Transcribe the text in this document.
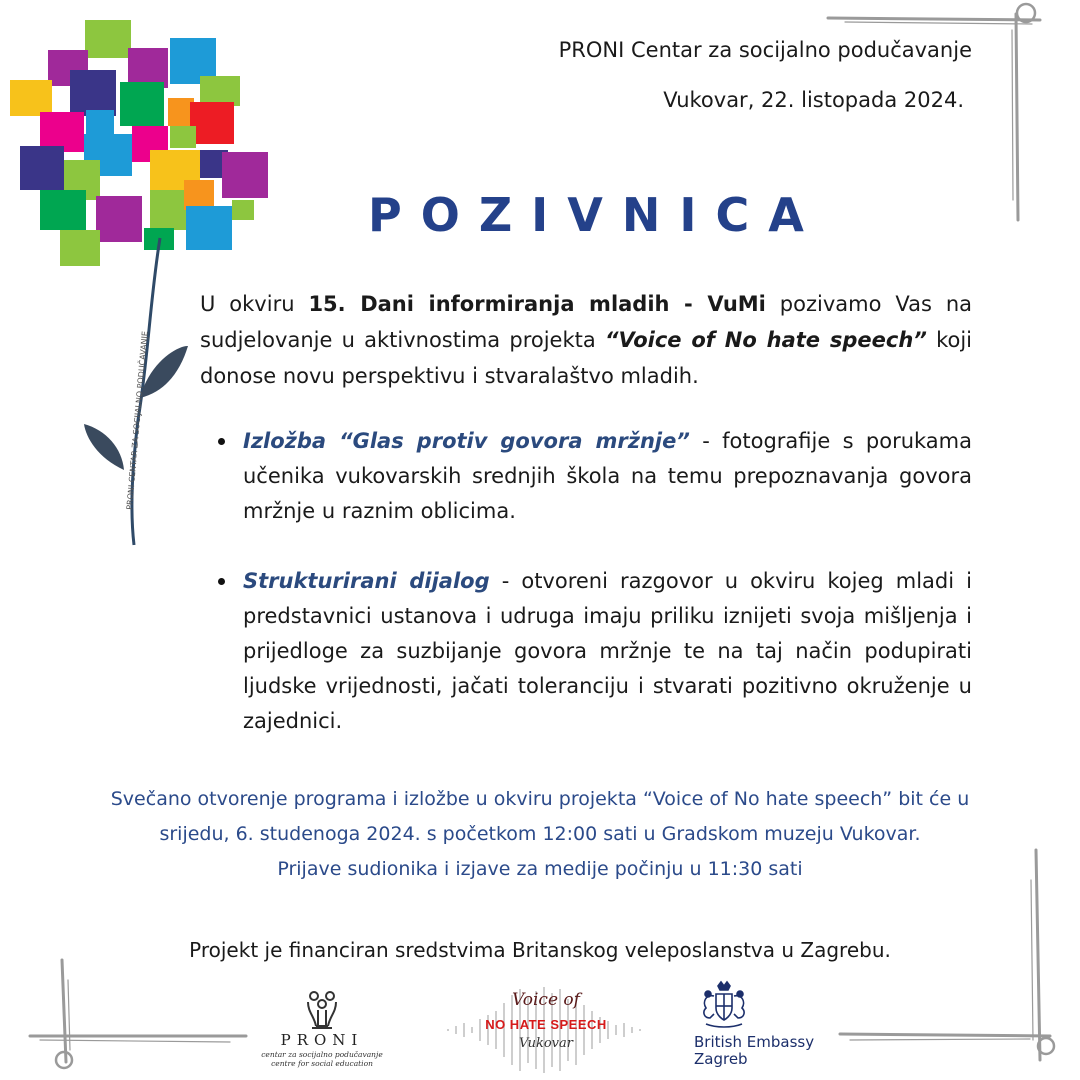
PRONI CENTAR ZA SOCIJALNO PODUČAVANJE
PRONI Centar za socijalno podučavanje
Vukovar, 22. listopada 2024.
POZIVNICA
U okviru 15. Dani informiranja mladih - VuMi pozivamo Vas na sudjelovanje u aktivnostima projekta “Voice of No hate speech” koji donose novu perspektivu i stvaralaštvo mladih.
Izložba “Glas protiv govora mržnje” - fotografije s porukama učenika vukovarskih srednjih škola na temu prepoznavanja govora mržnje u raznim oblicima.
Strukturirani dijalog - otvoreni razgovor u okviru kojeg mladi i predstavnici ustanova i udruga imaju priliku iznijeti svoja mišljenja i prijedloge za suzbijanje govora mržnje te na taj način podupirati ljudske vrijednosti, jačati toleranciju i stvarati pozitivno okruženje u zajednici.
Svečano otvorenje programa i izložbe u okviru projekta “Voice of No hate speech” bit će u
srijedu, 6. studenoga 2024. s početkom 12:00 sati u Gradskom muzeju Vukovar.
Prijave sudionika i izjave za medije počinju u 11:30 sati
Projekt je financiran sredstvima Britanskog veleposlanstva u Zagrebu.
PRONI
centar za socijalno podučavanje
centre for social education
Voice of
NO HATE SPEECH
Vukovar	British Embassy
Zagreb
